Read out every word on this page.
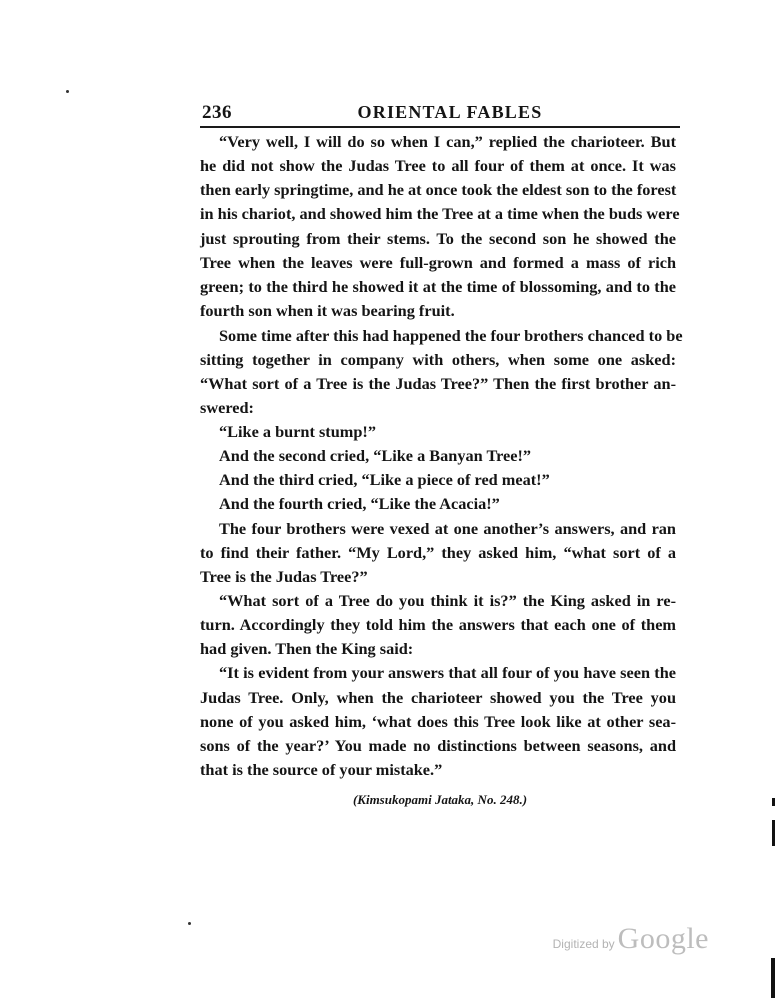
236	ORIENTAL FABLES
“Very well, I will do so when I can,” replied the charioteer. But
he did not show the Judas Tree to all four of them at once. It was
then early springtime, and he at once took the eldest son to the forest
in his chariot, and showed him the Tree at a time when the buds were
just sprouting from their stems. To the second son he showed the
Tree when the leaves were full-grown and formed a mass of rich
green; to the third he showed it at the time of blossoming, and to the
fourth son when it was bearing fruit.
Some time after this had happened the four brothers chanced to be
sitting together in company with others, when some one asked:
“What sort of a Tree is the Judas Tree?” Then the first brother an-
swered:
“Like a burnt stump!”
And the second cried, “Like a Banyan Tree!”
And the third cried, “Like a piece of red meat!”
And the fourth cried, “Like the Acacia!”
The four brothers were vexed at one another’s answers, and ran
to find their father. “My Lord,” they asked him, “what sort of a
Tree is the Judas Tree?”
“What sort of a Tree do you think it is?” the King asked in re-
turn. Accordingly they told him the answers that each one of them
had given. Then the King said:
“It is evident from your answers that all four of you have seen the
Judas Tree. Only, when the charioteer showed you the Tree you
none of you asked him, ‘what does this Tree look like at other sea-
sons of the year?’ You made no distinctions between seasons, and
that is the source of your mistake.”
(Kimsukopami Jataka, No. 248.)
Digitized by Google
